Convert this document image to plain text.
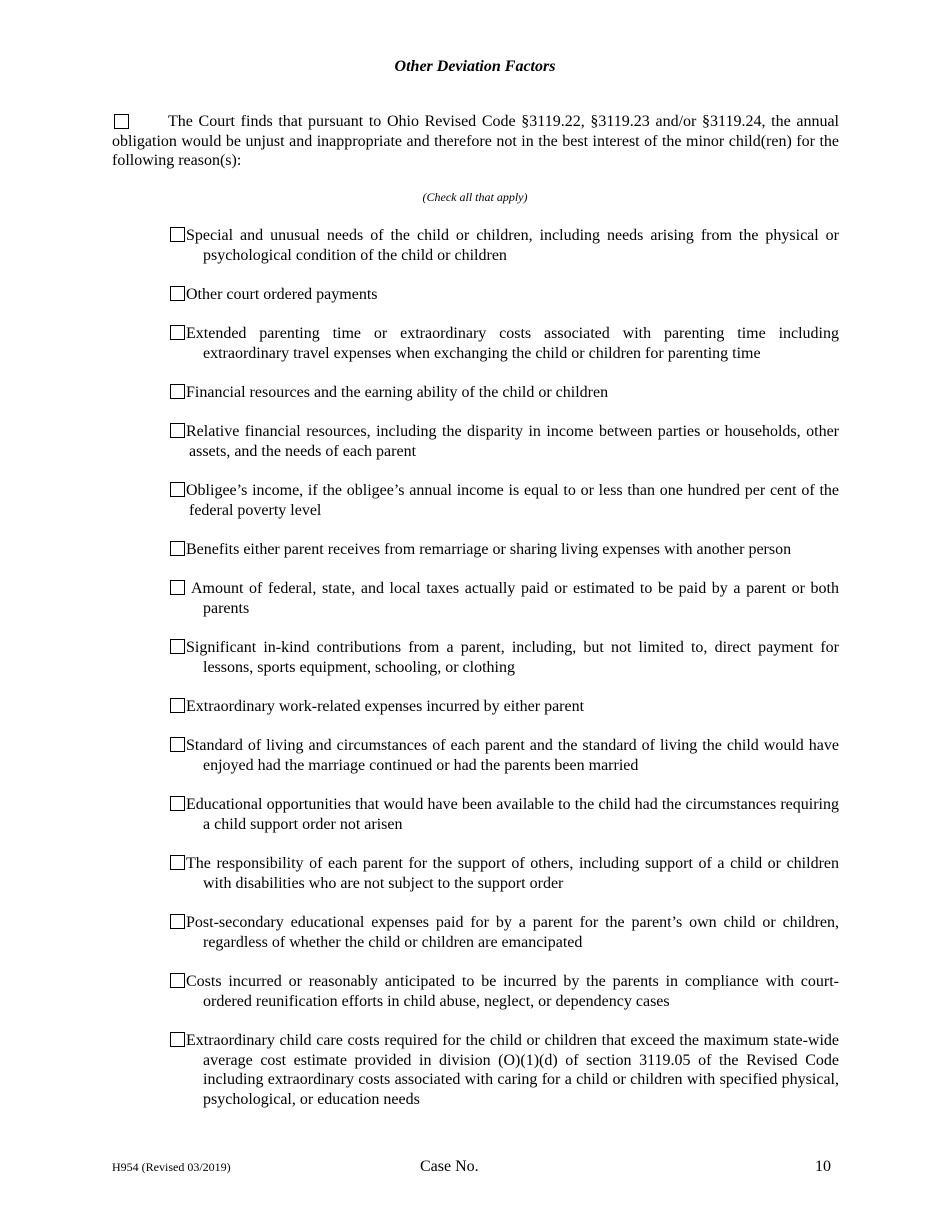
Other Deviation Factors
The Court finds that pursuant to Ohio Revised Code §3119.22, §3119.23 and/or §3119.24, the annual obligation would be unjust and inappropriate and therefore not in the best interest of the minor child(ren) for the following reason(s):
(Check all that apply)
Special and unusual needs of the child or children, including needs arising from the physical or psychological condition of the child or children
Other court ordered payments
Extended parenting time or extraordinary costs associated with parenting time including extraordinary travel expenses when exchanging the child or children for parenting time
Financial resources and the earning ability of the child or children
Relative financial resources, including the disparity in income between parties or households, other assets, and the needs of each parent
Obligee’s income, if the obligee’s annual income is equal to or less than one hundred per cent of the federal poverty level
Benefits either parent receives from remarriage or sharing living expenses with another person
Amount of federal, state, and local taxes actually paid or estimated to be paid by a parent or both parents
Significant in-kind contributions from a parent, including, but not limited to, direct payment for lessons, sports equipment, schooling, or clothing
Extraordinary work-related expenses incurred by either parent
Standard of living and circumstances of each parent and the standard of living the child would have enjoyed had the marriage continued or had the parents been married
Educational opportunities that would have been available to the child had the circumstances requiring a child support order not arisen
The responsibility of each parent for the support of others, including support of a child or children with disabilities who are not subject to the support order
Post-secondary educational expenses paid for by a parent for the parent’s own child or children, regardless of whether the child or children are emancipated
Costs incurred or reasonably anticipated to be incurred by the parents in compliance with court-ordered reunification efforts in child abuse, neglect, or dependency cases
Extraordinary child care costs required for the child or children that exceed the maximum state-wide average cost estimate provided in division (O)(1)(d) of section 3119.05 of the Revised Code including extraordinary costs associated with caring for a child or children with specified physical, psychological, or education needs
H954 (Revised 03/2019)	Case No.	10
